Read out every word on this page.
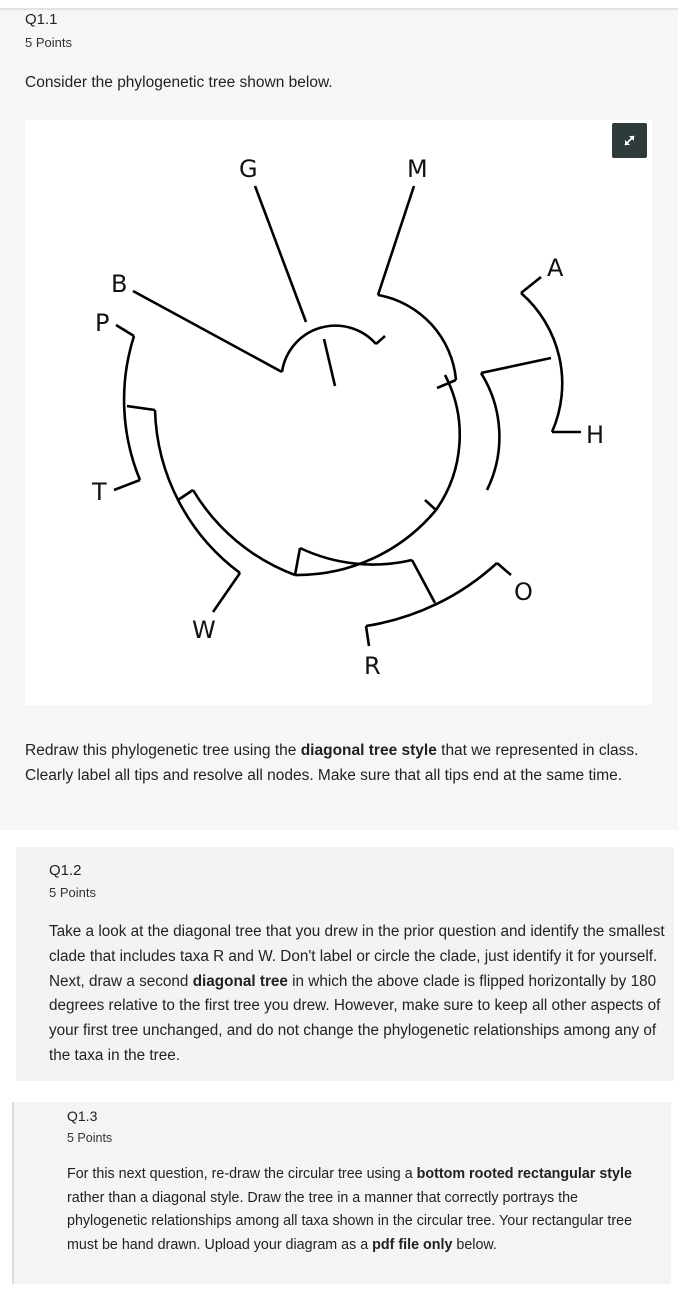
Q1.1
5 Points
Consider the phylogenetic tree shown below.
G	M
A
B
P
H
T
O
W
R
Redraw this phylogenetic tree using the diagonal tree style that we represented in class. Clearly label all tips and resolve all nodes. Make sure that all tips end at the same time.
Q1.2
5 Points
Take a look at the diagonal tree that you drew in the prior question and identify the smallest clade that includes taxa R and W. Don't label or circle the clade, just identify it for yourself. Next, draw a second diagonal tree in which the above clade is flipped horizontally by 180 degrees relative to the first tree you drew. However, make sure to keep all other aspects of your first tree unchanged, and do not change the phylogenetic relationships among any of the taxa in the tree.
Q1.3
5 Points
For this next question, re-draw the circular tree using a bottom rooted rectangular style rather than a diagonal style. Draw the tree in a manner that correctly portrays the phylogenetic relationships among all taxa shown in the circular tree. Your rectangular tree must be hand drawn. Upload your diagram as a pdf file only below.
